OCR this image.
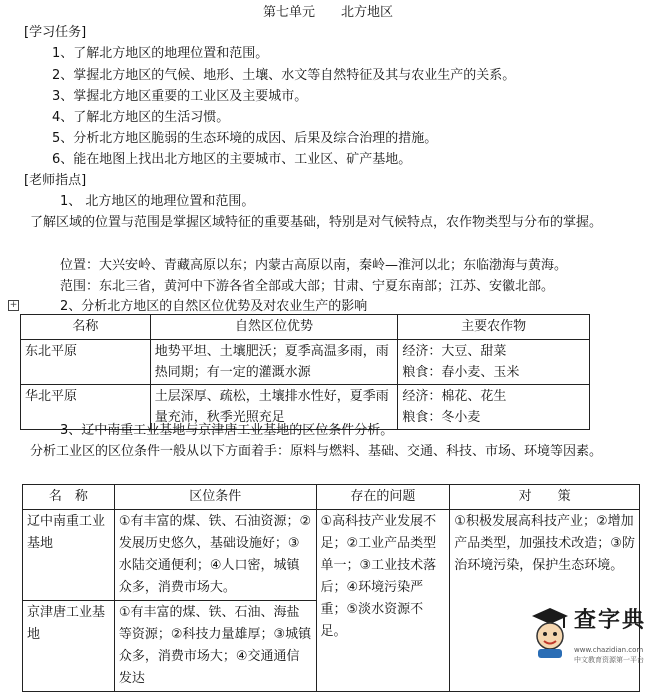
第七单元 北方地区
[学习任务]
1、了解北方地区的地理位置和范围。
2、掌握北方地区的气候、地形、土壤、水文等自然特征及其与农业生产的关系。
3、掌握北方地区重要的工业区及主要城市。
4、了解北方地区的生活习惯。
5、分析北方地区脆弱的生态环境的成因、后果及综合治理的措施。
6、能在地图上找出北方地区的主要城市、工业区、矿产基地。
[老师指点]
1、 北方地区的地理位置和范围。
了解区域的位置与范围是掌握区域特征的重要基础，特别是对气候特点，农作物类型与分布的掌握。
位置：大兴安岭、青藏高原以东；内蒙古高原以南，秦岭—淮河以北；东临渤海与黄海。
范围：东北三省，黄河中下游各省全部或大部；甘肃、宁夏东南部；江苏、安徽北部。
+	2、分析北方地区的自然区位优势及对农业生产的影响
名称	自然区位优势	主要农作物
东北平原	地势平坦、土壤肥沃；夏季高温多雨，雨热同期；有一定的灌溉水源	经济：大豆、甜菜
粮食：春小麦、玉米

华北平原	土层深厚、疏松，土壤排水性好，夏季雨量充沛，秋季光照充足	经济：棉花、花生
粮食：冬小麦
3、辽中南重工业基地与京津唐工业基地的区位条件分析。
分析工业区的区位条件一般从以下方面着手：原料与燃料、基础、交通、科技、市场、环境等因素。
名　称	区位条件	存在的问题	对　　策
辽中南重工业基地	①有丰富的煤、铁、石油资源；②发展历史悠久，基础设施好；③水陆交通便利；④人口密，城镇众多，消费市场大。	①高科技产业发展不足；②工业产品类型单一；③工业技术落后；④环境污染严重；⑤淡水资源不足。	①积极发展高科技产业；②增加产品类型，加强技术改造；③防治环境污染，保护生态环境。
京津唐工业基地	①有丰富的煤、铁、石油、海盐等资源；②科技力量雄厚；③城镇众多，消费市场大；④交通通信发达		
查字典
www.chazidian.com
中文教育资源第一平台
